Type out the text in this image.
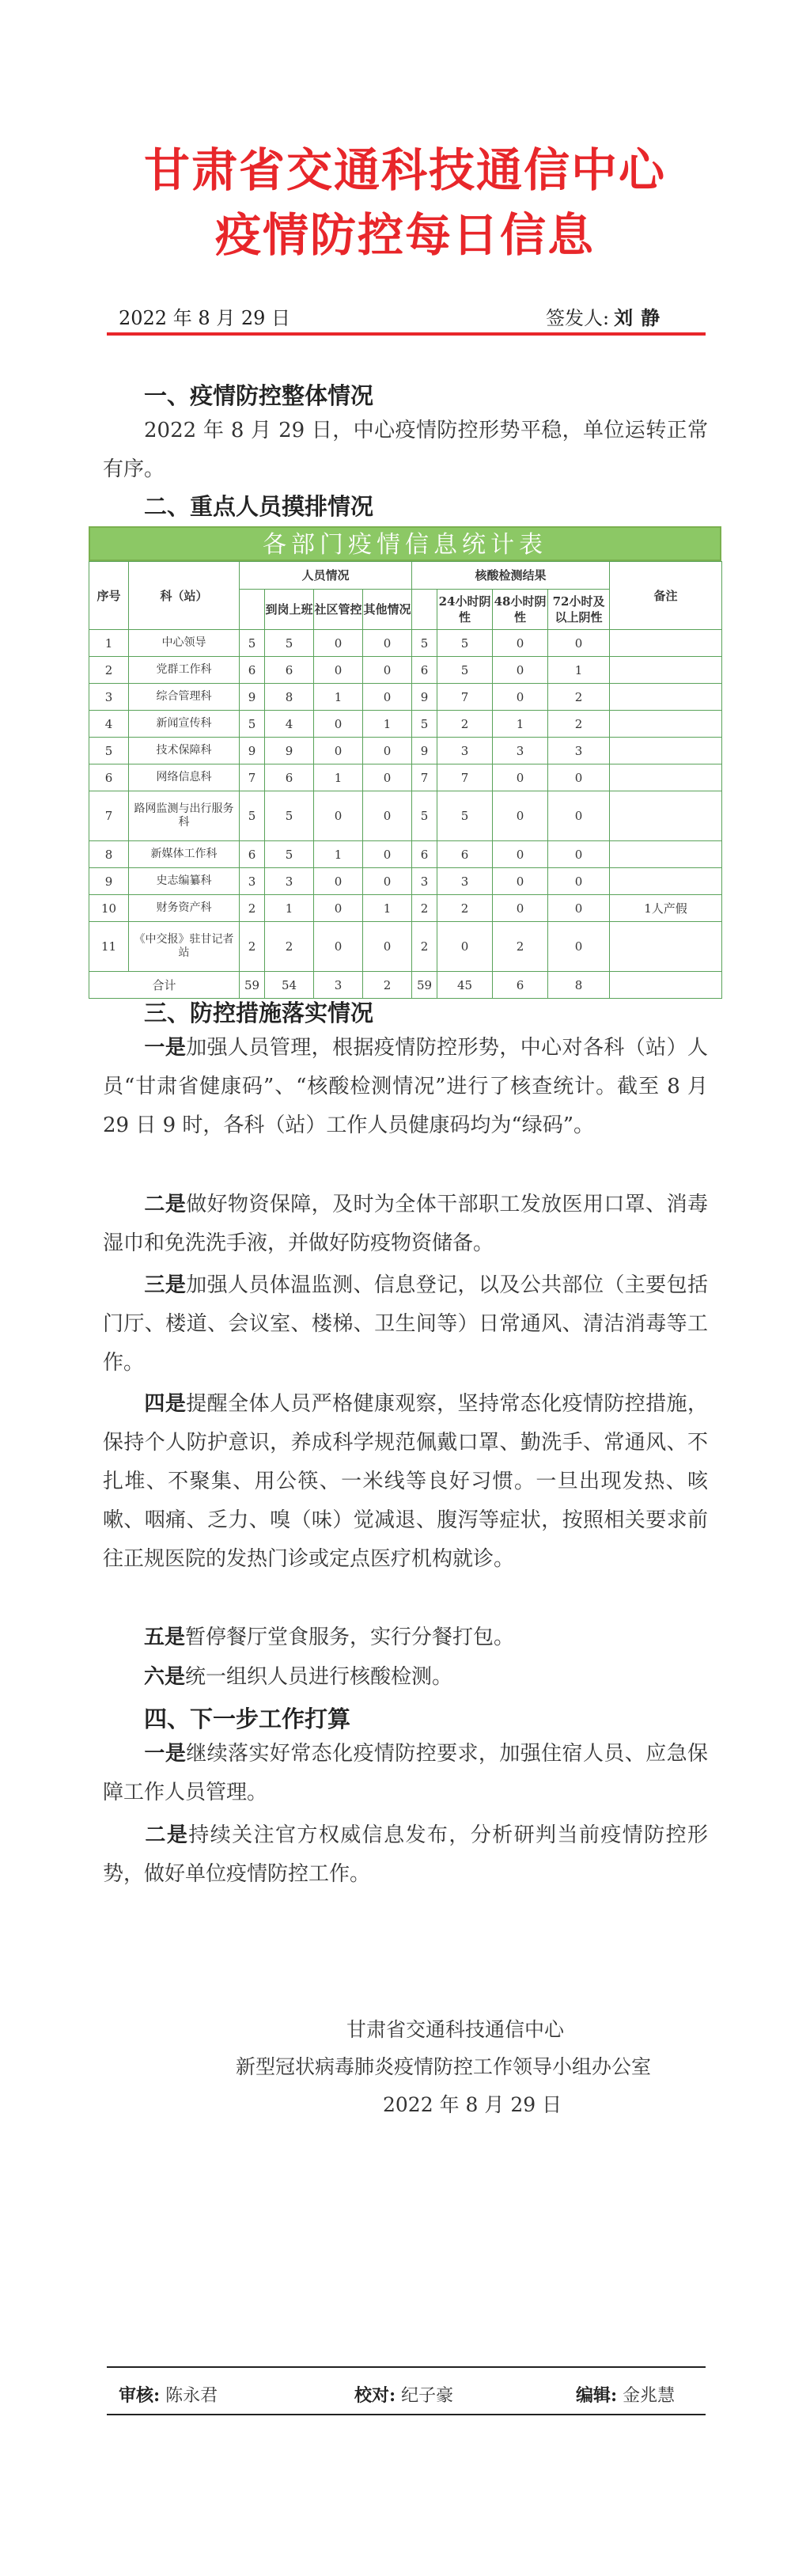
甘肃省交通科技通信中心
疫情防控每日信息
2022 年 8 月 29 日	签发人: 刘静
一、疫情防控整体情况
2022 年 8 月 29 日，中心疫情防控形势平稳，单位运转正常有序。
二、重点人员摸排情况
各部门疫情信息统计表
序号	科（站）	人员情况				核酸检测结果				备注
			到岗上班	社区管控	其他情况		24小时阴性	48小时阴性	72小时及以上阴性	
1	中心领导	5	5	0	0	5	5	0	0	
2	党群工作科	6	6	0	0	6	5	0	1	
3	综合管理科	9	8	1	0	9	7	0	2	
4	新闻宣传科	5	4	0	1	5	2	1	2	
5	技术保障科	9	9	0	0	9	3	3	3	
6	网络信息科	7	6	1	0	7	7	0	0	
7	路网监测与出行服务科	5	5	0	0	5	5	0	0	
8	新媒体工作科	6	5	1	0	6	6	0	0	
9	史志编纂科	3	3	0	0	3	3	0	0	
10	财务资产科	2	1	0	1	2	2	0	0	1人产假
11	《中交报》驻甘记者站	2	2	0	0	2	0	2	0	
合计		59	54	3	2	59	45	6	8	
三、防控措施落实情况
一是加强人员管理，根据疫情防控形势，中心对各科（站）人员“甘肃省健康码”、“核酸检测情况”进行了核查统计。截至 8 月 29 日 9 时，各科（站）工作人员健康码均为“绿码”。
二是做好物资保障，及时为全体干部职工发放医用口罩、消毒湿巾和免洗洗手液，并做好防疫物资储备。
三是加强人员体温监测、信息登记，以及公共部位（主要包括门厅、楼道、会议室、楼梯、卫生间等）日常通风、清洁消毒等工作。
四是提醒全体人员严格健康观察，坚持常态化疫情防控措施，保持个人防护意识，养成科学规范佩戴口罩、勤洗手、常通风、不扎堆、不聚集、用公筷、一米线等良好习惯。一旦出现发热、咳嗽、咽痛、乏力、嗅（味）觉减退、腹泻等症状，按照相关要求前往正规医院的发热门诊或定点医疗机构就诊。
五是暂停餐厅堂食服务，实行分餐打包。
六是统一组织人员进行核酸检测。
四、下一步工作打算
一是继续落实好常态化疫情防控要求，加强住宿人员、应急保障工作人员管理。
二是持续关注官方权威信息发布，分析研判当前疫情防控形势，做好单位疫情防控工作。
甘肃省交通科技通信中心
新型冠状病毒肺炎疫情防控工作领导小组办公室
2022 年 8 月 29 日
审核: 陈永君	校对: 纪子豪	编辑: 金兆慧
